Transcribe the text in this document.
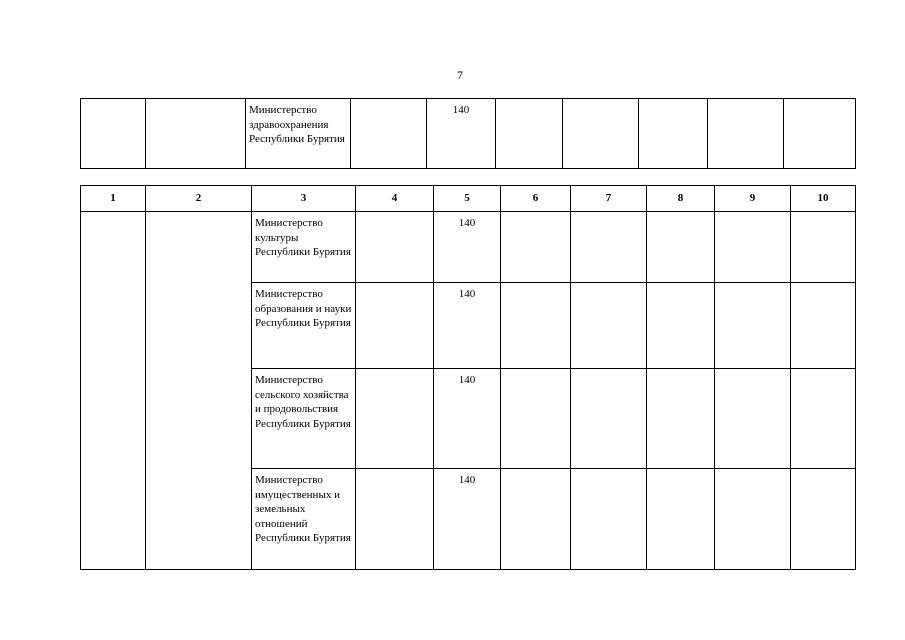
7
		Министерство здравоохранения Республики Бурятия		140					
1	2	3	4	5	6	7	8	9	10
		Министерство культуры Республики Бурятия		140					
		Министерство образования и науки Республики Бурятия		140					
		Министерство сельского хозяйства и продовольствия Республики Бурятия		140					
		Министерство имущественных и земельных отношений Республики Бурятия		140					
